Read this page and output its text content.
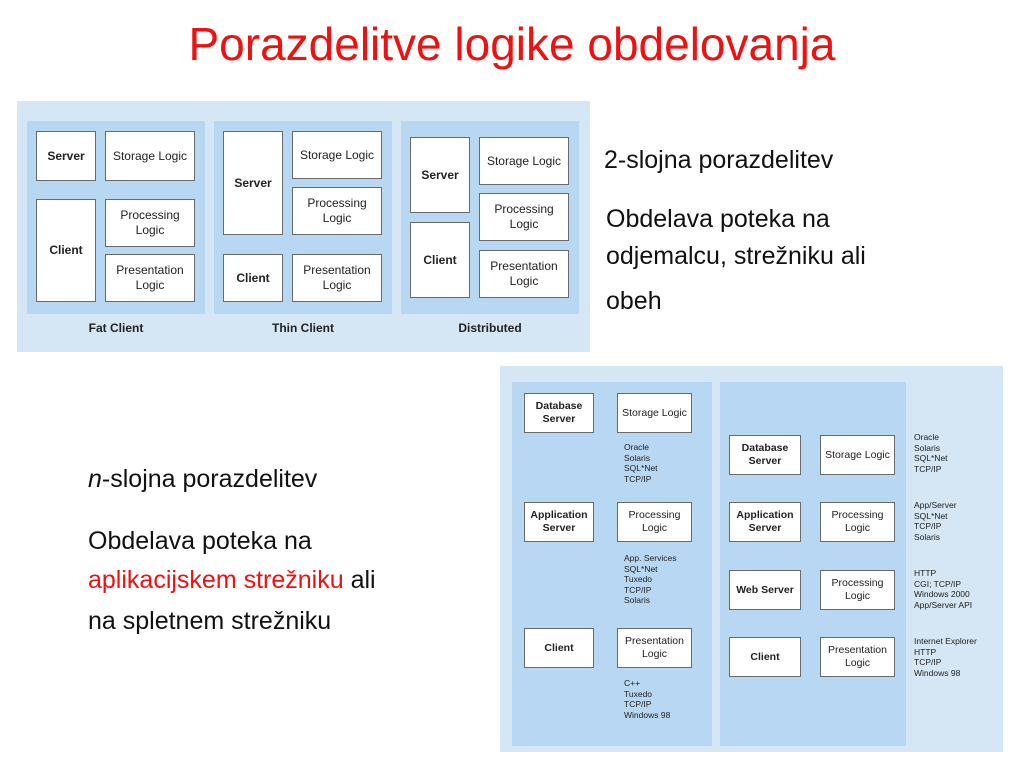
Porazdelitve logike obdelovanja
Server
Client
Storage Logic
Processing Logic
Presentation Logic
Fat Client
Server
Client
Storage Logic
Processing Logic
Presentation Logic
Thin Client
Server
Client
Storage Logic
Processing Logic
Presentation Logic
Distributed
2-slojna porazdelitev
Obdelava poteka na
odjemalcu, strežniku ali
obeh
n-slojna porazdelitev
Obdelava poteka na
aplikacijskem strežniku ali
na spletnem strežniku
Database Server
Storage Logic
Oracle
Solaris
SQL*Net
TCP/IP
Application Server
Processing Logic
App. Services
SQL*Net
Tuxedo
TCP/IP
Solaris
Client
Presentation Logic
C++
Tuxedo
TCP/IP
Windows 98
Database Server
Storage Logic
Application Server
Processing Logic
Web Server
Processing Logic
Client
Presentation Logic
Oracle
Solaris
SQL*Net
TCP/IP
App/Server
SQL*Net
TCP/IP
Solaris
HTTP
CGI; TCP/IP
Windows 2000
App/Server API
Internet Explorer
HTTP
TCP/IP
Windows 98
